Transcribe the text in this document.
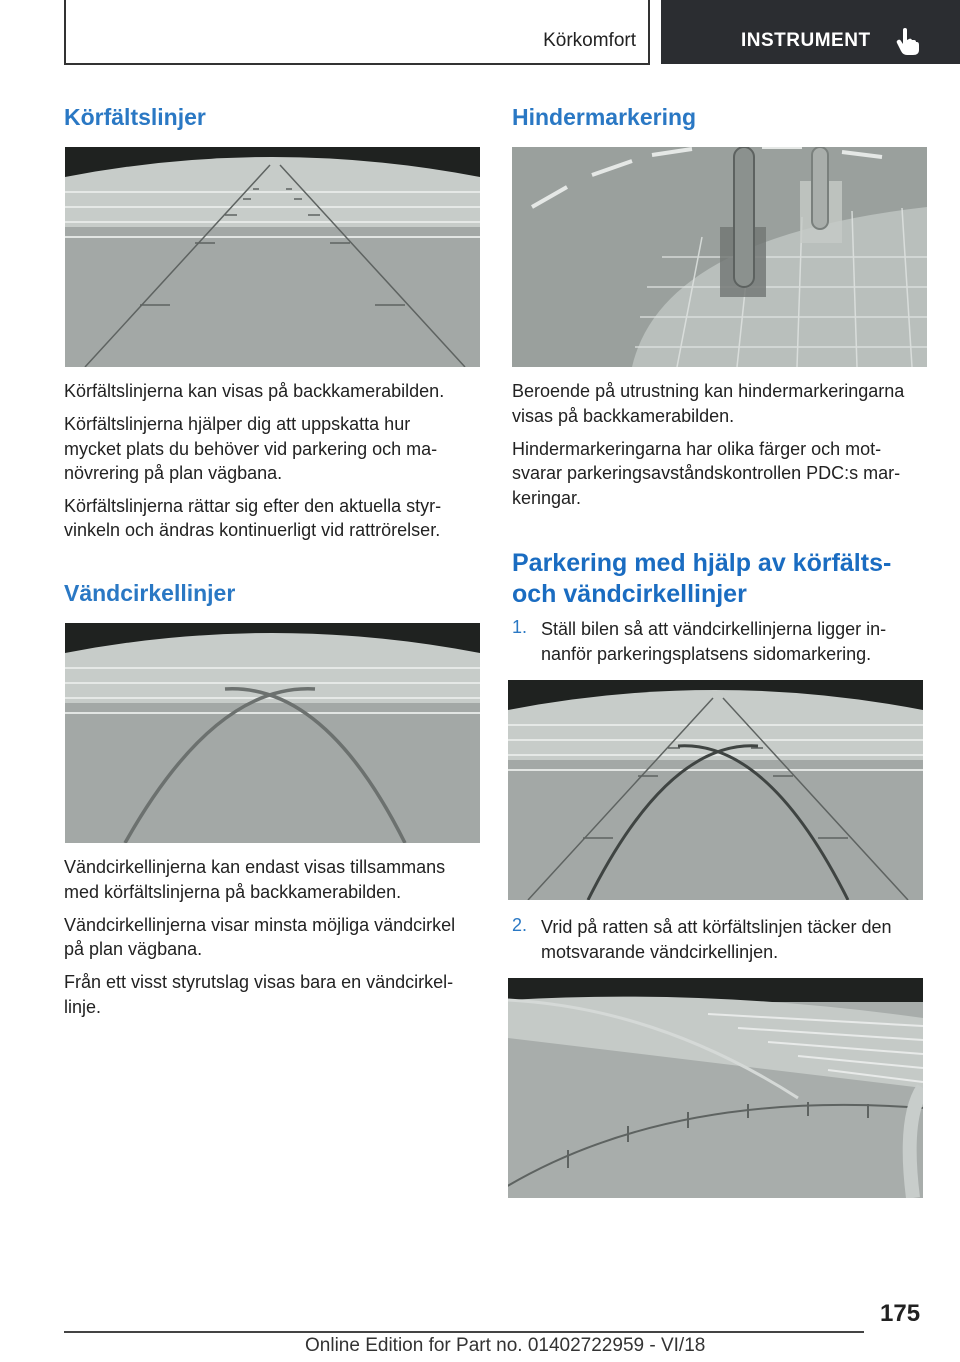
Körkomfort	INSTRUMENT
Körfältslinjer
Körfältslinjerna kan visas på backkamerabilden.
Körfältslinjerna hjälper dig att uppskatta hur
mycket plats du behöver vid parkering och ma‐
növrering på plan vägbana.
Körfältslinjerna rättar sig efter den aktuella styr‐
vinkeln och ändras kontinuerligt vid rattrörelser.
Vändcirkellinjer
Vändcirkellinjerna kan endast visas tillsammans
med körfältslinjerna på backkamerabilden.
Vändcirkellinjerna visar minsta möjliga vändcirkel
på plan vägbana.
Från ett visst styrutslag visas bara en vändcirkel‐
linje.
Hindermarkering
Beroende på utrustning kan hindermarkeringarna
visas på backkamerabilden.
Hindermarkeringarna har olika färger och mot‐
svarar parkeringsavståndskontrollen PDC:s mar‐
keringar.
Parkering med hjälp av körfälts‐
och vändcirkellinjer
1. Ställ bilen så att vändcirkellinjerna ligger in‐
nanför parkeringsplatsens sidomarkering.
2. Vrid på ratten så att körfältslinjen täcker den
motsvarande vändcirkellinjen.
175
Online Edition for Part no. 01402722959 - VI/18
